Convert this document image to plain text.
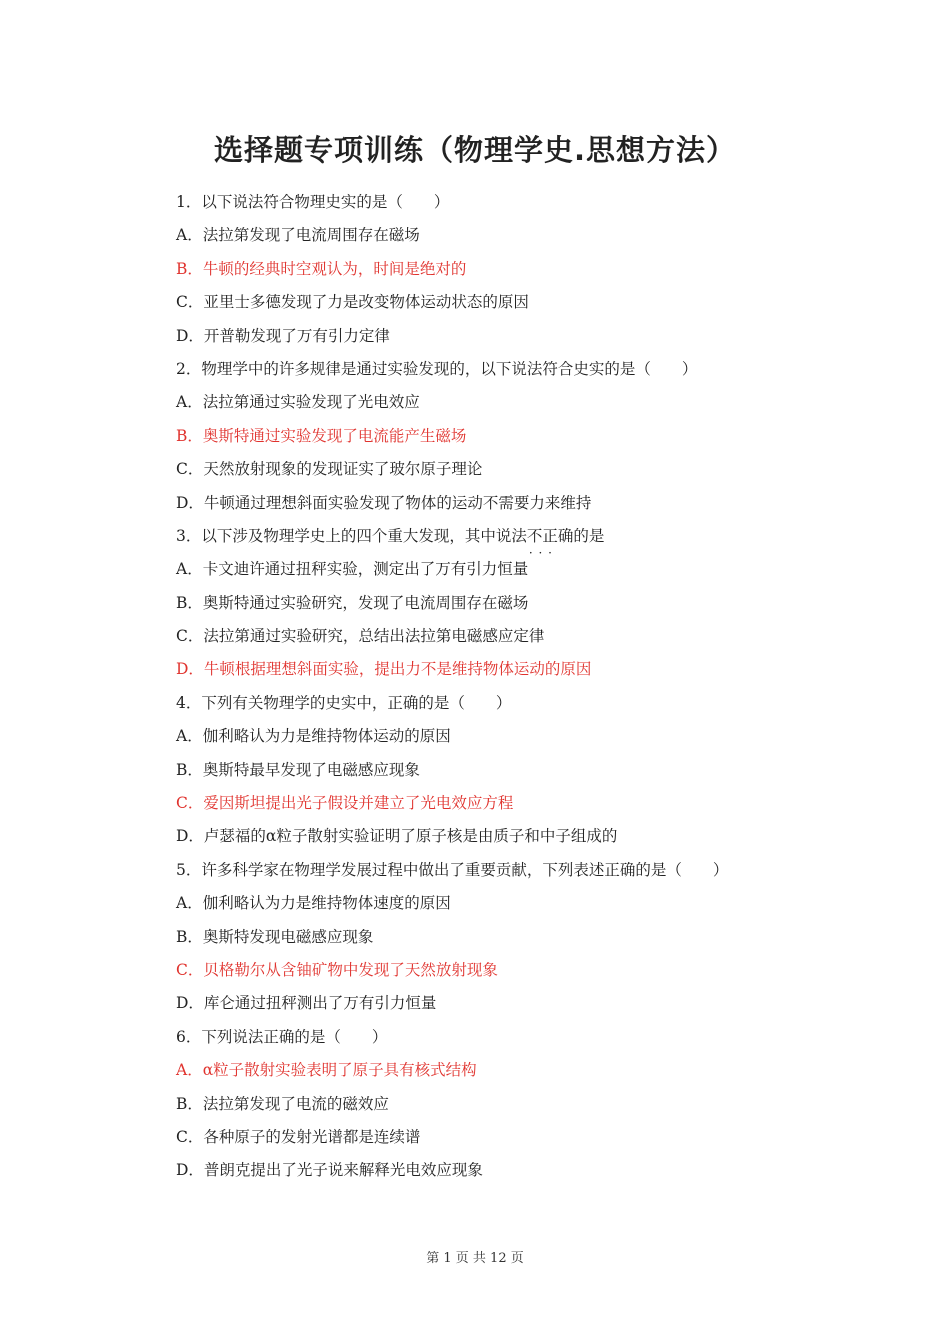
选择题专项训练（物理学史.思想方法）
1．以下说法符合物理史实的是（　　）
A．法拉第发现了电流周围存在磁场
B．牛顿的经典时空观认为，时间是绝对的
C．亚里士多德发现了力是改变物体运动状态的原因
D．开普勒发现了万有引力定律
2．物理学中的许多规律是通过实验发现的，以下说法符合史实的是（　　）
A．法拉第通过实验发现了光电效应
B．奥斯特通过实验发现了电流能产生磁场
C．天然放射现象的发现证实了玻尔原子理论
D．牛顿通过理想斜面实验发现了物体的运动不需要力来维持
3．以下涉及物理学史上的四个重大发现，其中说法不正确 · · ·的是
A．卡文迪许通过扭秤实验，测定出了万有引力恒量
B．奥斯特通过实验研究，发现了电流周围存在磁场
C．法拉第通过实验研究，总结出法拉第电磁感应定律
D．牛顿根据理想斜面实验，提出力不是维持物体运动的原因
4．下列有关物理学的史实中，正确的是（　　）
A．伽利略认为力是维持物体运动的原因
B．奥斯特最早发现了电磁感应现象
C．爱因斯坦提出光子假设并建立了光电效应方程
D．卢瑟福的α粒子散射实验证明了原子核是由质子和中子组成的
5．许多科学家在物理学发展过程中做出了重要贡献，下列表述正确的是（　　）
A．伽利略认为力是维持物体速度的原因
B．奥斯特发现电磁感应现象
C．贝格勒尔从含铀矿物中发现了天然放射现象
D．库仑通过扭秤测出了万有引力恒量
6．下列说法正确的是（　　）
A．α粒子散射实验表明了原子具有核式结构
B．法拉第发现了电流的磁效应
C．各种原子的发射光谱都是连续谱
D．普朗克提出了光子说来解释光电效应现象
第 1 页 共 12 页
